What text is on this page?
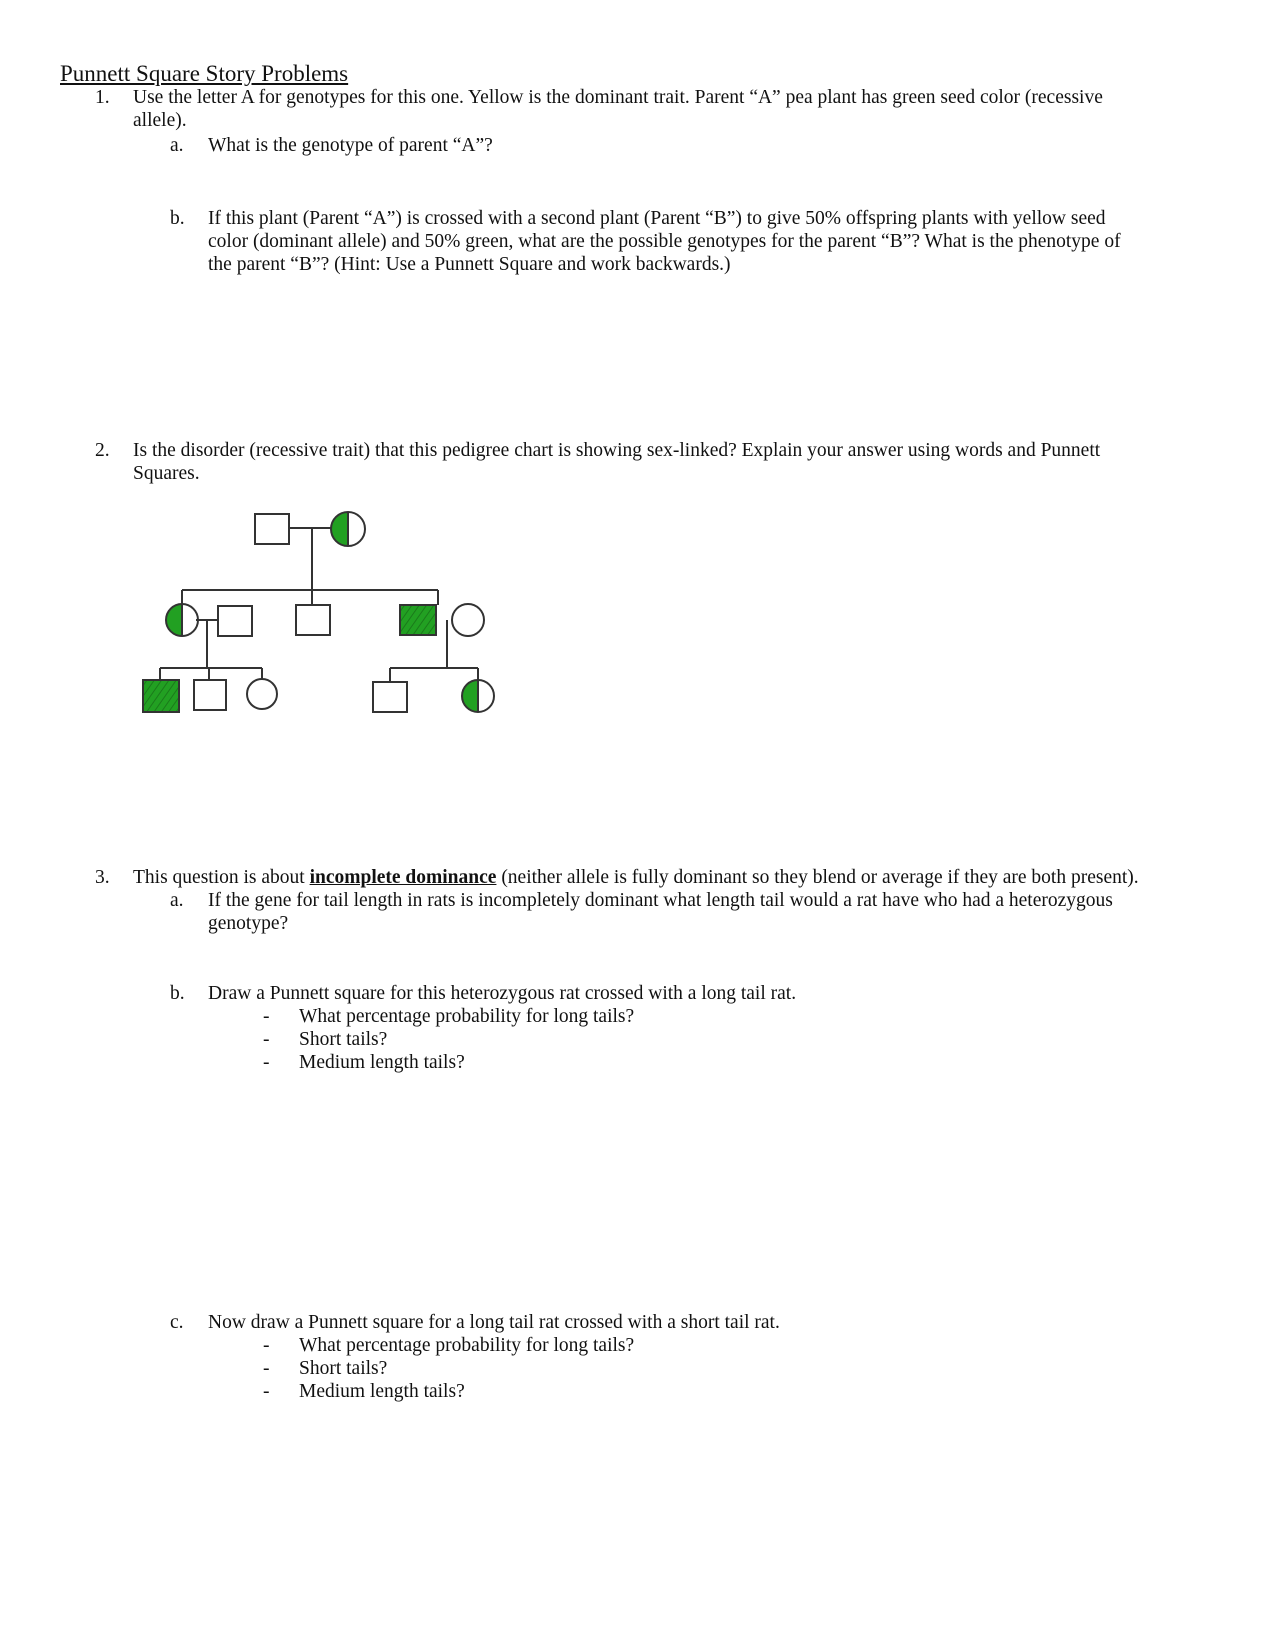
Punnett Square Story Problems
1. Use the letter A for genotypes for this one. Yellow is the dominant trait. Parent “A” pea plant has green seed color (recessive
allele).
a. What is the genotype of parent “A”?
b. If this plant (Parent “A”) is crossed with a second plant (Parent “B”) to give 50% offspring plants with yellow seed
color (dominant allele) and 50% green, what are the possible genotypes for the parent “B”? What is the phenotype of
the parent “B”? (Hint: Use a Punnett Square and work backwards.)
2. Is the disorder (recessive trait) that this pedigree chart is showing sex-linked? Explain your answer using words and Punnett
Squares.
3. This question is about incomplete dominance (neither allele is fully dominant so they blend or average if they are both present).
a. If the gene for tail length in rats is incompletely dominant what length tail would a rat have who had a heterozygous
genotype?
b. Draw a Punnett square for this heterozygous rat crossed with a long tail rat.
- What percentage probability for long tails?
- Short tails?
- Medium length tails?
c. Now draw a Punnett square for a long tail rat crossed with a short tail rat.
- What percentage probability for long tails?
- Short tails?
- Medium length tails?
